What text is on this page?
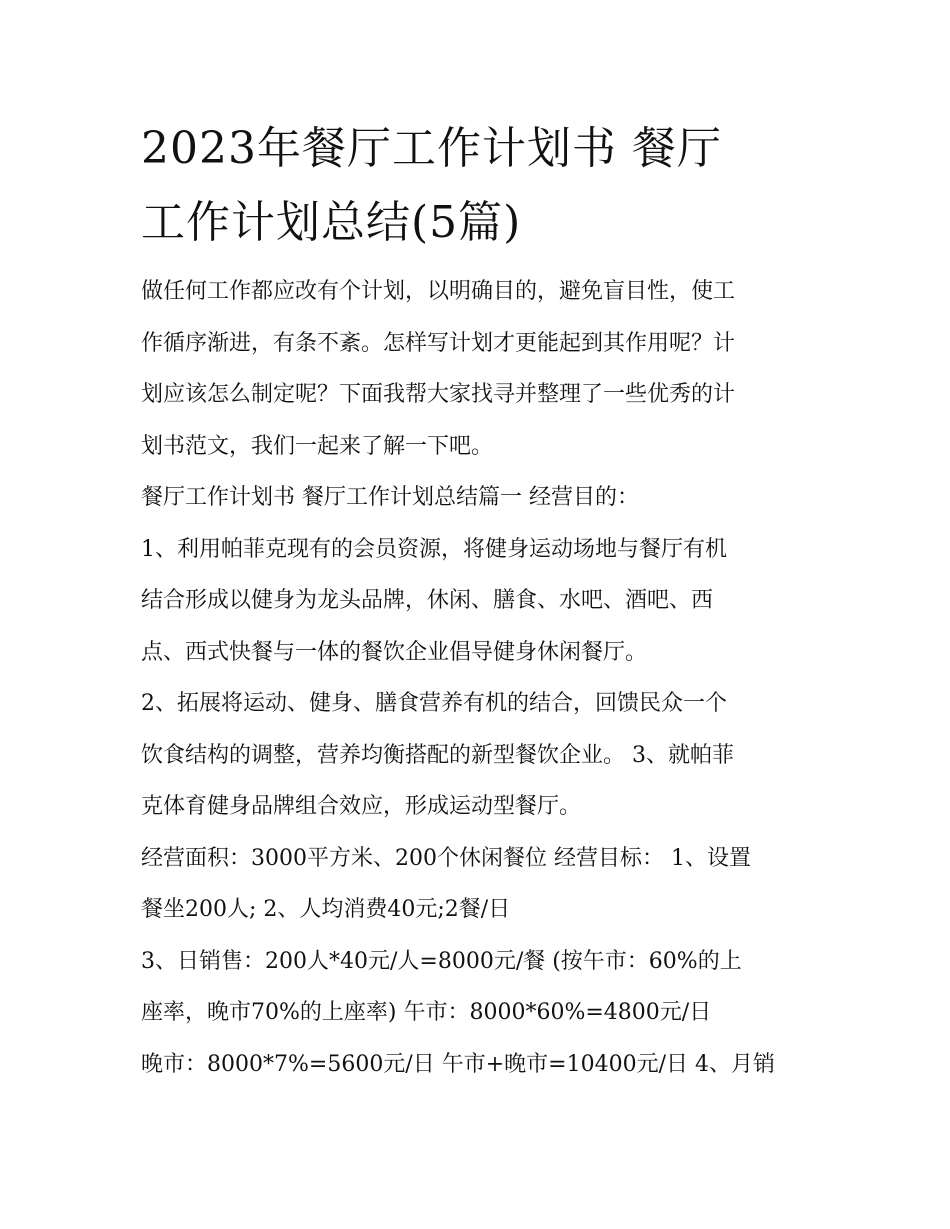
2023年餐厅工作计划书 餐厅
工作计划总结(5篇)

做任何工作都应改有个计划，以明确目的，避免盲目性，使工
作循序渐进，有条不紊。怎样写计划才更能起到其作用呢？计
划应该怎么制定呢？下面我帮大家找寻并整理了一些优秀的计
划书范文，我们一起来了解一下吧。

餐厅工作计划书 餐厅工作计划总结篇一 经营目的：

1、利用帕菲克现有的会员资源，将健身运动场地与餐厅有机
结合形成以健身为龙头品牌，休闲、膳食、水吧、酒吧、西
点、西式快餐与一体的餐饮企业倡导健身休闲餐厅。

2、拓展将运动、健身、膳食营养有机的结合，回馈民众一个
饮食结构的调整，营养均衡搭配的新型餐饮企业。 3、就帕菲
克体育健身品牌组合效应，形成运动型餐厅。

经营面积：3000平方米、200个休闲餐位 经营目标： 1、设置
餐坐200人; 2、人均消费40元;2餐/日

3、日销售：200人*40元/人=8000元/餐 (按午市：60%的上
座率，晚市70%的上座率) 午市：8000*60%=4800元/日

晚市：8000*7%=5600元/日 午市+晚市=10400元/日 4、月销
